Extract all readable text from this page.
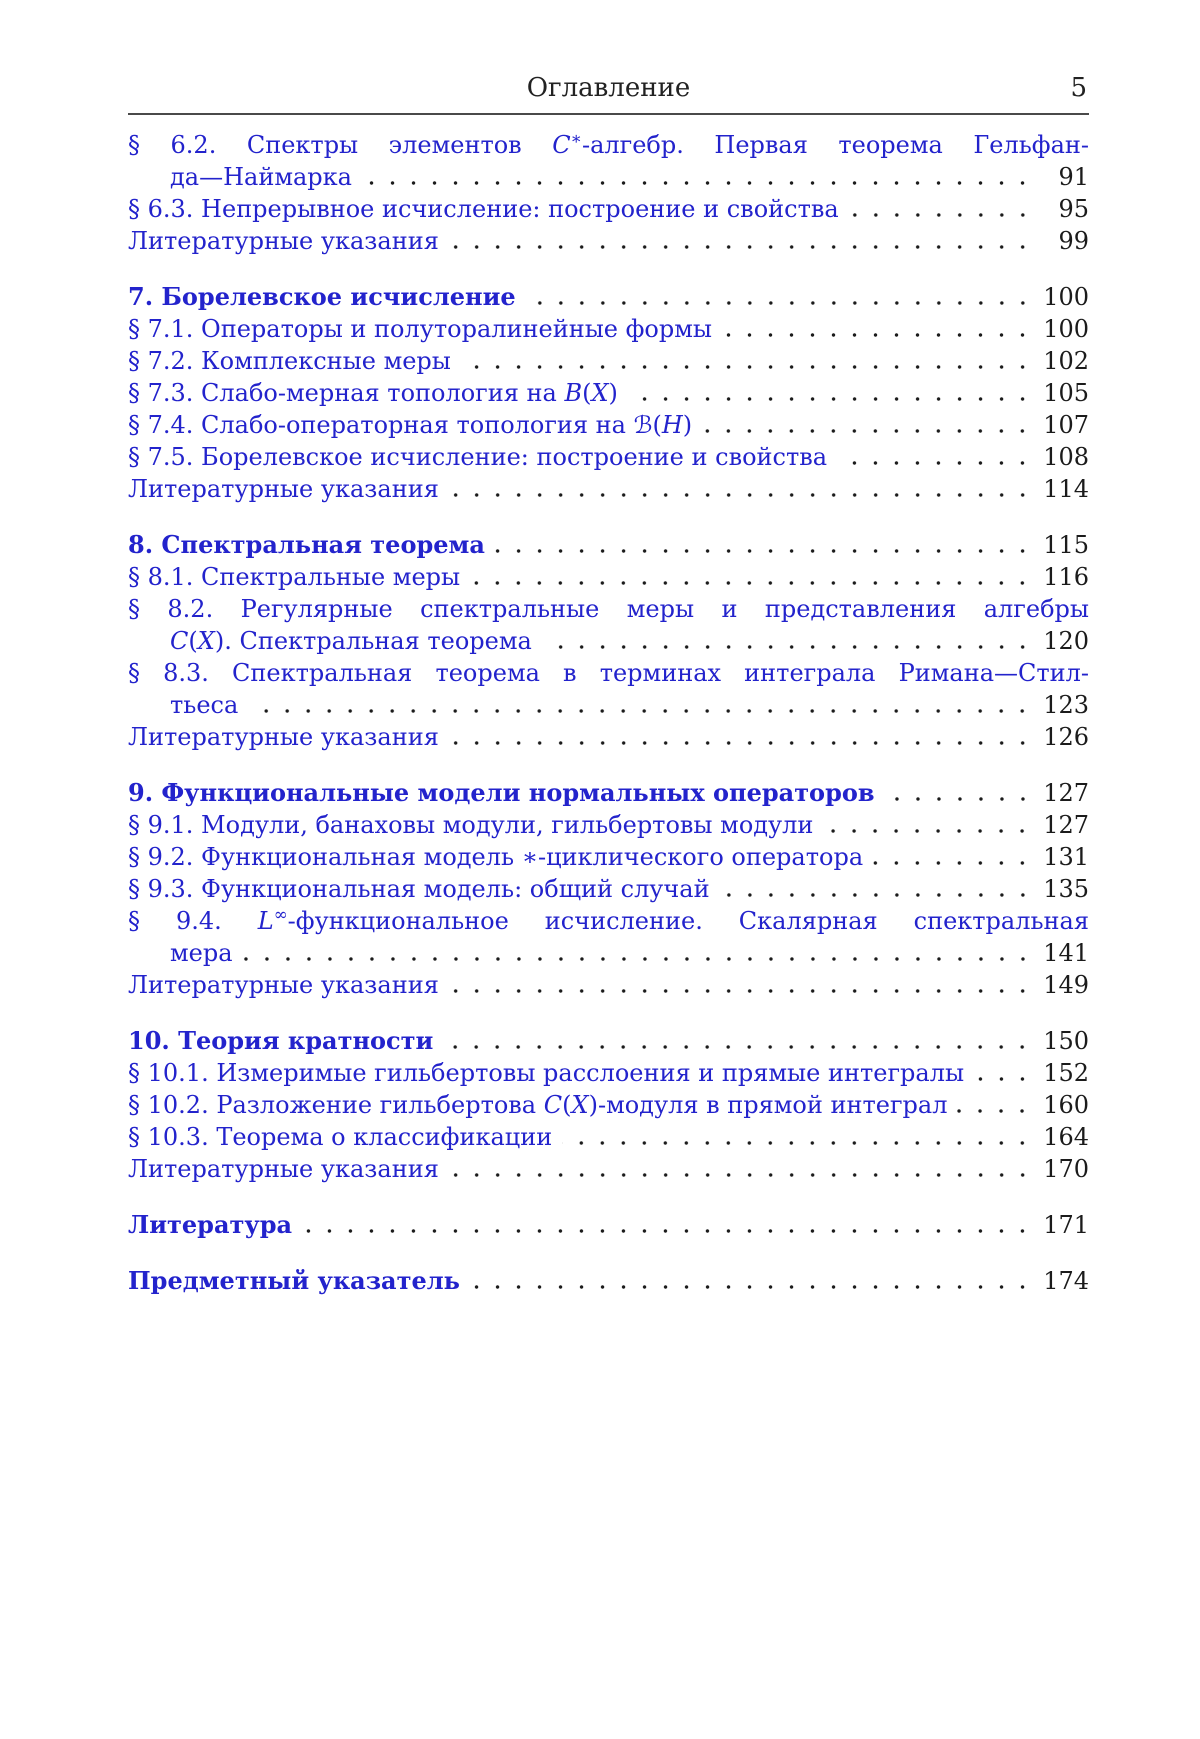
Оглавление	5
§ 6.2. Спектры элементов C∗-алгебр. Первая теорема Гельфан-
да—Наймарка	91
§ 6.3. Непрерывное исчисление: построение и свойства	95
Литературные указания	99
7. Борелевское исчисление	100
§ 7.1. Операторы и полуторалинейные формы	100
§ 7.2. Комплексные меры	102
§ 7.3. Слабо-мерная топология на B(X)	105
§ 7.4. Слабо-операторная топология на ℬ(H)	107
§ 7.5. Борелевское исчисление: построение и свойства	108
Литературные указания	114
8. Спектральная теорема	115
§ 8.1. Спектральные меры	116
§ 8.2. Регулярные спектральные меры и представления алгебры
C(X). Спектральная теорема	120
§ 8.3. Спектральная теорема в терминах интеграла Римана—Стил-
тьеса	123
Литературные указания	126
9. Функциональные модели нормальных операторов	127
§ 9.1. Модули, банаховы модули, гильбертовы модули	127
§ 9.2. Функциональная модель ∗-циклического оператора	131
§ 9.3. Функциональная модель: общий случай	135
§ 9.4. L∞-функциональное исчисление. Скалярная спектральная
мера	141
Литературные указания	149
10. Теория кратности	150
§ 10.1. Измеримые гильбертовы расслоения и прямые интегралы	152
§ 10.2. Разложение гильбертова C(X)-модуля в прямой интеграл	160
§ 10.3. Теорема о классификации	164
Литературные указания	170
Литература	171
Предметный указатель	174
